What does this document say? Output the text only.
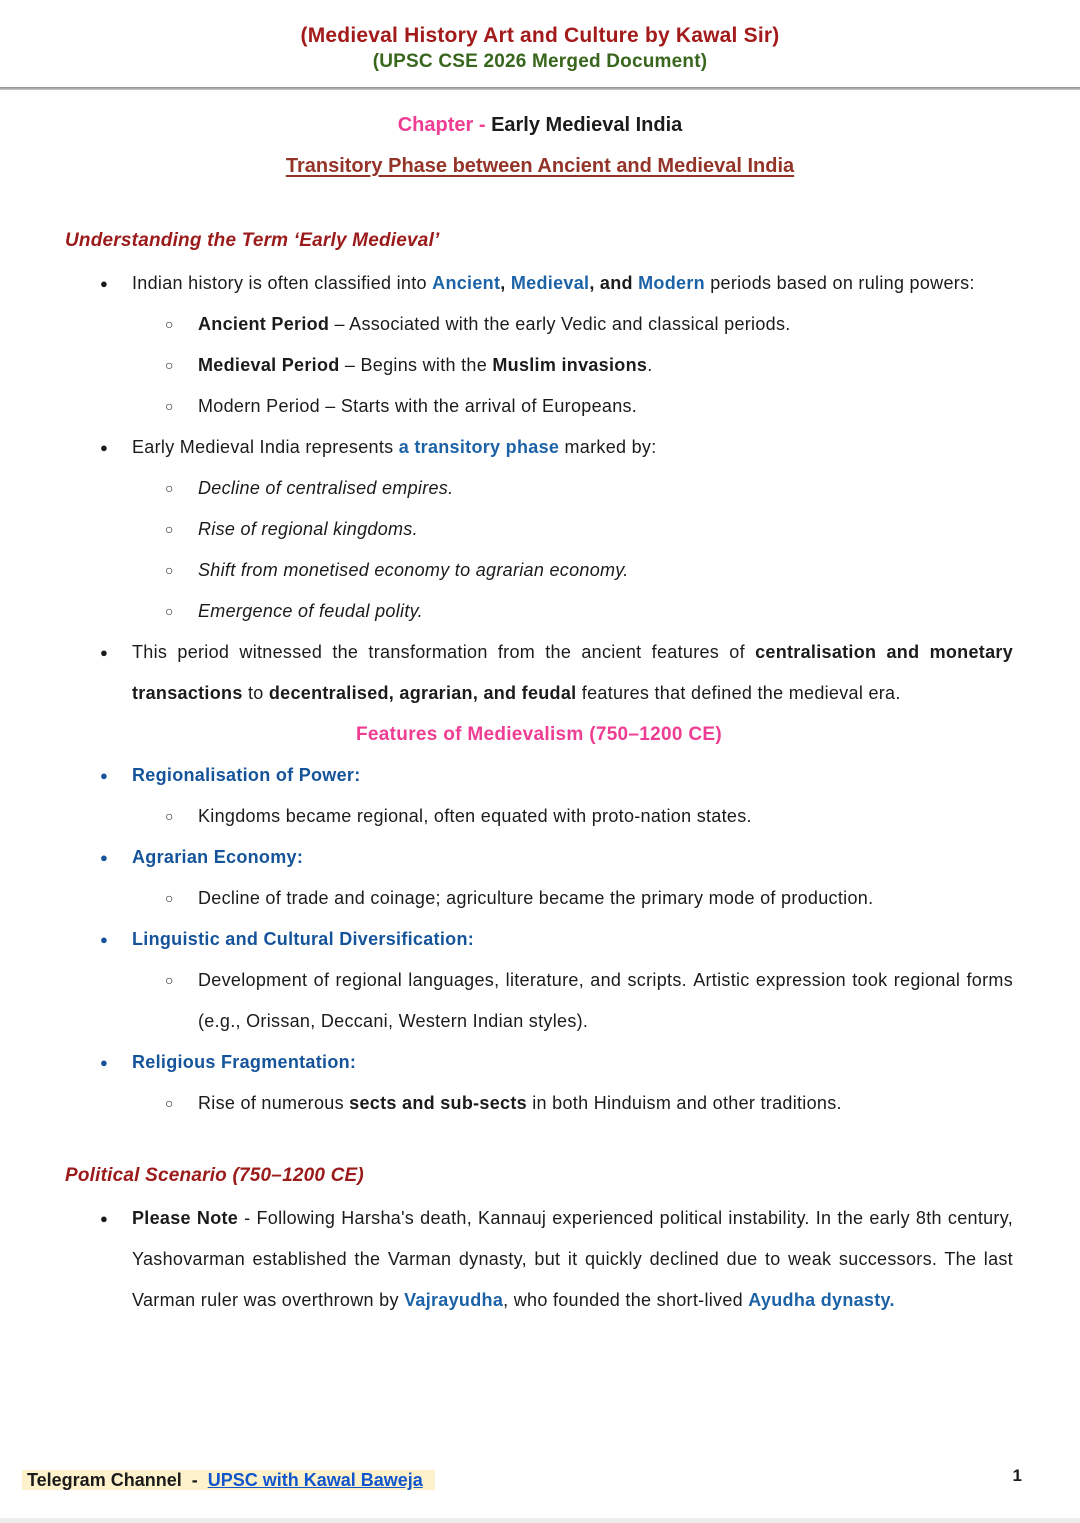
(Medieval History Art and Culture by Kawal Sir)
(UPSC CSE 2026 Merged Document)
Chapter - Early Medieval India
Transitory Phase between Ancient and Medieval India
Understanding the Term ‘Early Medieval’
● Indian history is often classified into Ancient, Medieval, and Modern periods based on ruling powers:
○ Ancient Period – Associated with the early Vedic and classical periods.
○ Medieval Period – Begins with the Muslim invasions.
○ Modern Period – Starts with the arrival of Europeans.
● Early Medieval India represents a transitory phase marked by:
○ Decline of centralised empires.
○ Rise of regional kingdoms.
○ Shift from monetised economy to agrarian economy.
○ Emergence of feudal polity.
● This period witnessed the transformation from the ancient features of centralisation and monetary transactions to decentralised, agrarian, and feudal features that defined the medieval era.
Features of Medievalism (750–1200 CE)
● Regionalisation of Power:
○ Kingdoms became regional, often equated with proto-nation states.
● Agrarian Economy:
○ Decline of trade and coinage; agriculture became the primary mode of production.
● Linguistic and Cultural Diversification:
○ Development of regional languages, literature, and scripts. Artistic expression took regional forms (e.g., Orissan, Deccani, Western Indian styles).
● Religious Fragmentation:
○ Rise of numerous sects and sub-sects in both Hinduism and other traditions.
Political Scenario (750–1200 CE)
● Please Note - Following Harsha's death, Kannauj experienced political instability. In the early 8th century, Yashovarman established the Varman dynasty, but it quickly declined due to weak successors. The last Varman ruler was overthrown by Vajrayudha, who founded the short-lived Ayudha dynasty.
Telegram Channel  -  UPSC with Kawal Baweja	1
